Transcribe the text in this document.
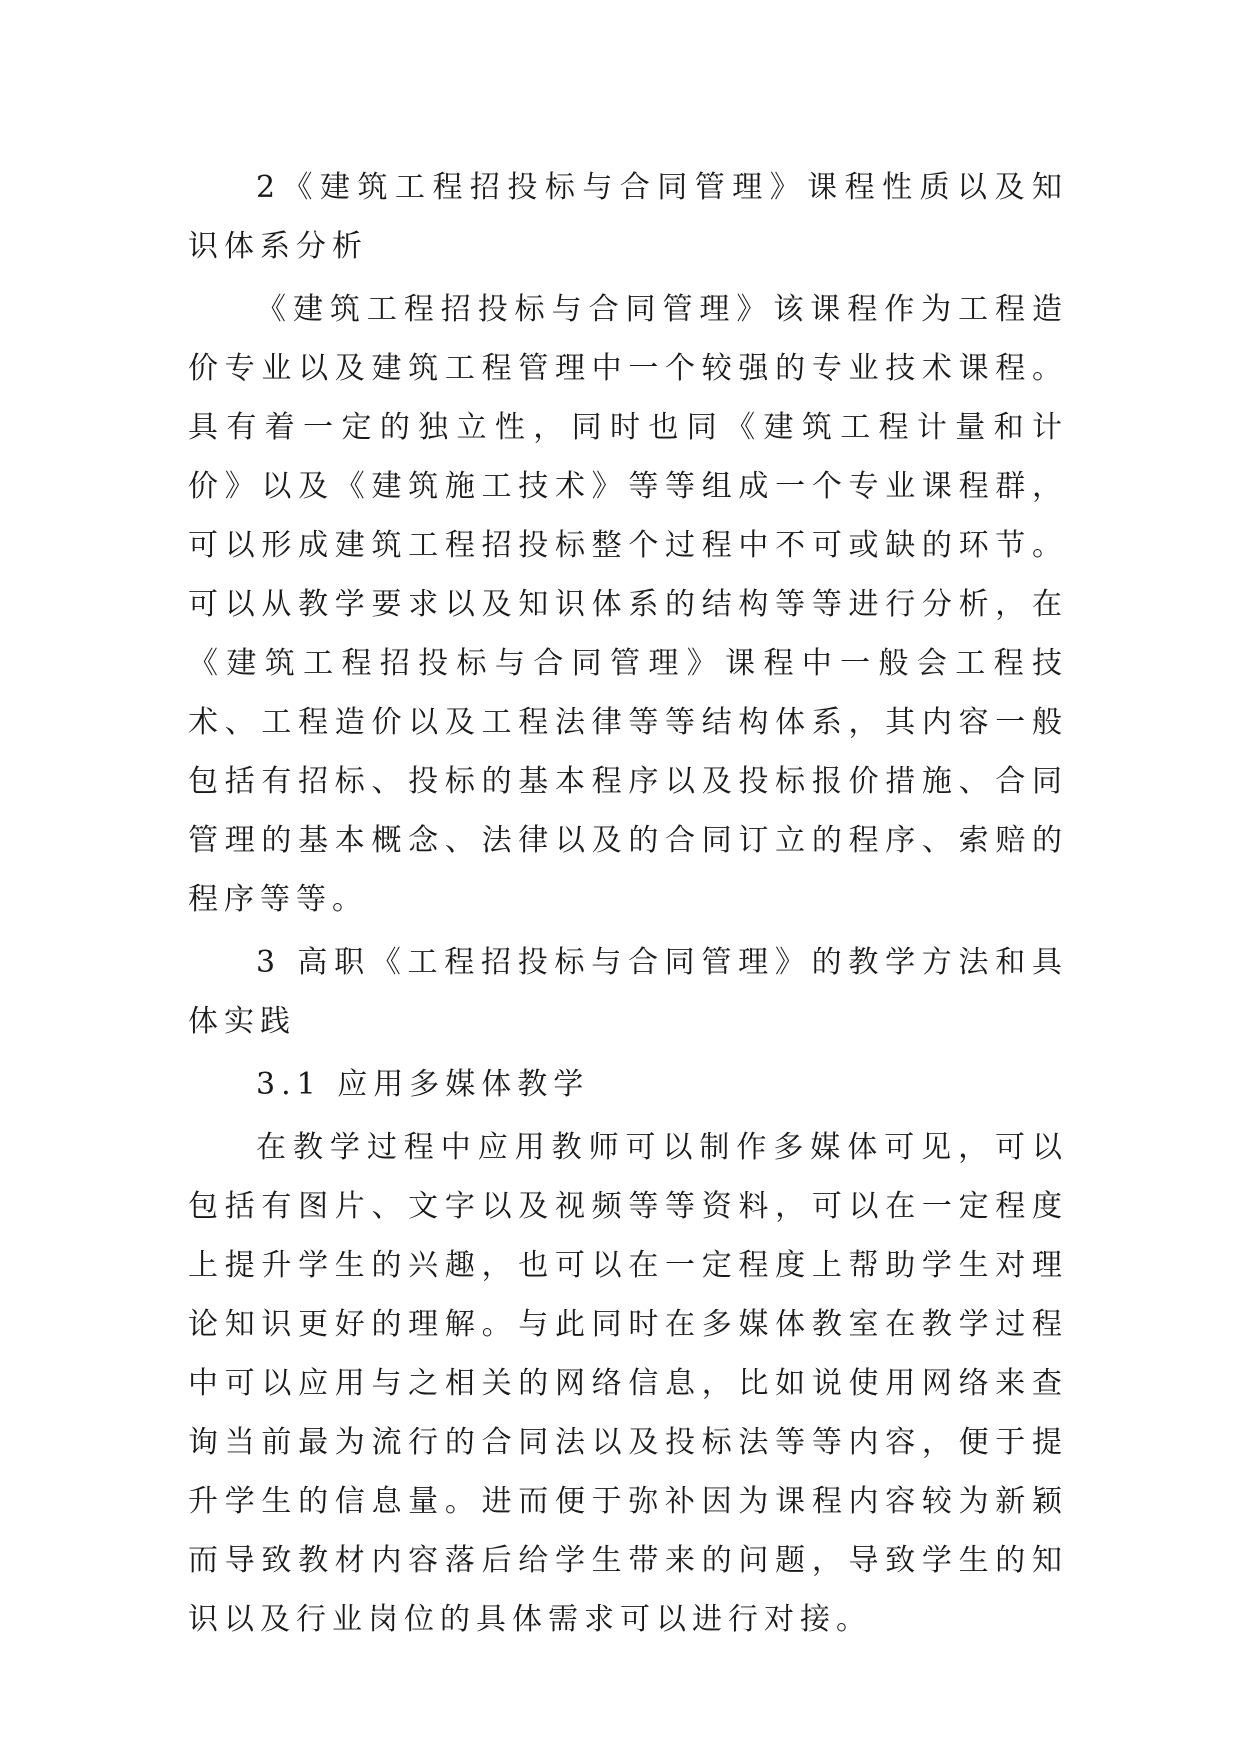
2《建筑工程招投标与合同管理》课程性质以及知识体系分析

《建筑工程招投标与合同管理》该课程作为工程造价专业以及建筑工程管理中一个较强的专业技术课程。具有着一定的独立性，同时也同《建筑工程计量和计价》以及《建筑施工技术》等等组成一个专业课程群，可以形成建筑工程招投标整个过程中不可或缺的环节。可以从教学要求以及知识体系的结构等等进行分析，在《建筑工程招投标与合同管理》课程中一般会工程技术、工程造价以及工程法律等等结构体系，其内容一般包括有招标、投标的基本程序以及投标报价措施、合同管理的基本概念、法律以及的合同订立的程序、索赔的程序等等。

3 高职《工程招投标与合同管理》的教学方法和具体实践

3.1 应用多媒体教学

在教学过程中应用教师可以制作多媒体可见，可以包括有图片、文字以及视频等等资料，可以在一定程度上提升学生的兴趣，也可以在一定程度上帮助学生对理论知识更好的理解。与此同时在多媒体教室在教学过程中可以应用与之相关的网络信息，比如说使用网络来查询当前最为流行的合同法以及投标法等等内容，便于提升学生的信息量。进而便于弥补因为课程内容较为新颖而导致教材内容落后给学生带来的问题，导致学生的知识以及行业岗位的具体需求可以进行对接。
